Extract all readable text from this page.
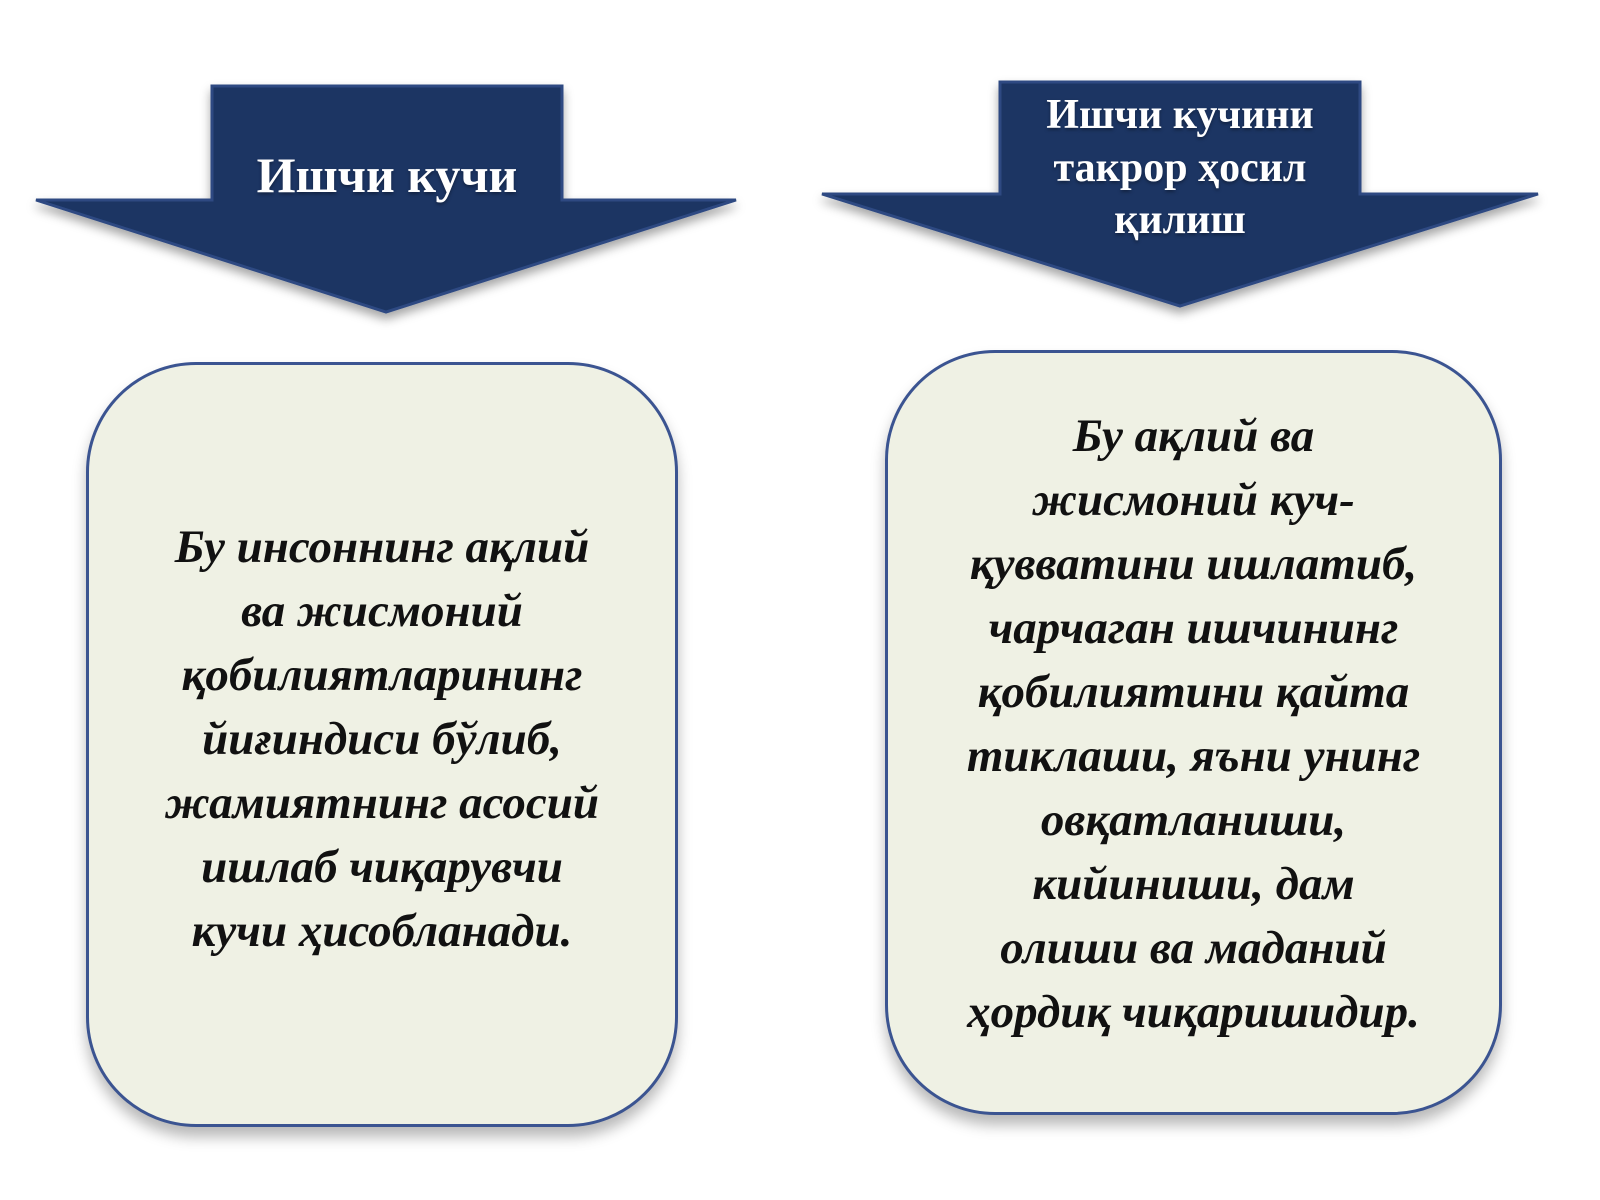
Ишчи кучи
Ишчи кучини
такрор ҳосил
қилиш

Бу инсоннинг ақлий
ва жисмоний
қобилиятларининг
йиғиндиси бўлиб,
жамиятнинг асосий
ишлаб чиқарувчи
кучи ҳисобланади.

Бу ақлий ва
жисмоний куч-
қувватини ишлатиб,
чарчаган ишчининг
қобилиятини қайта
тиклаши, яъни унинг
овқатланиши,
кийиниши, дам
олиши ва маданий
ҳордиқ чиқаришидир.
